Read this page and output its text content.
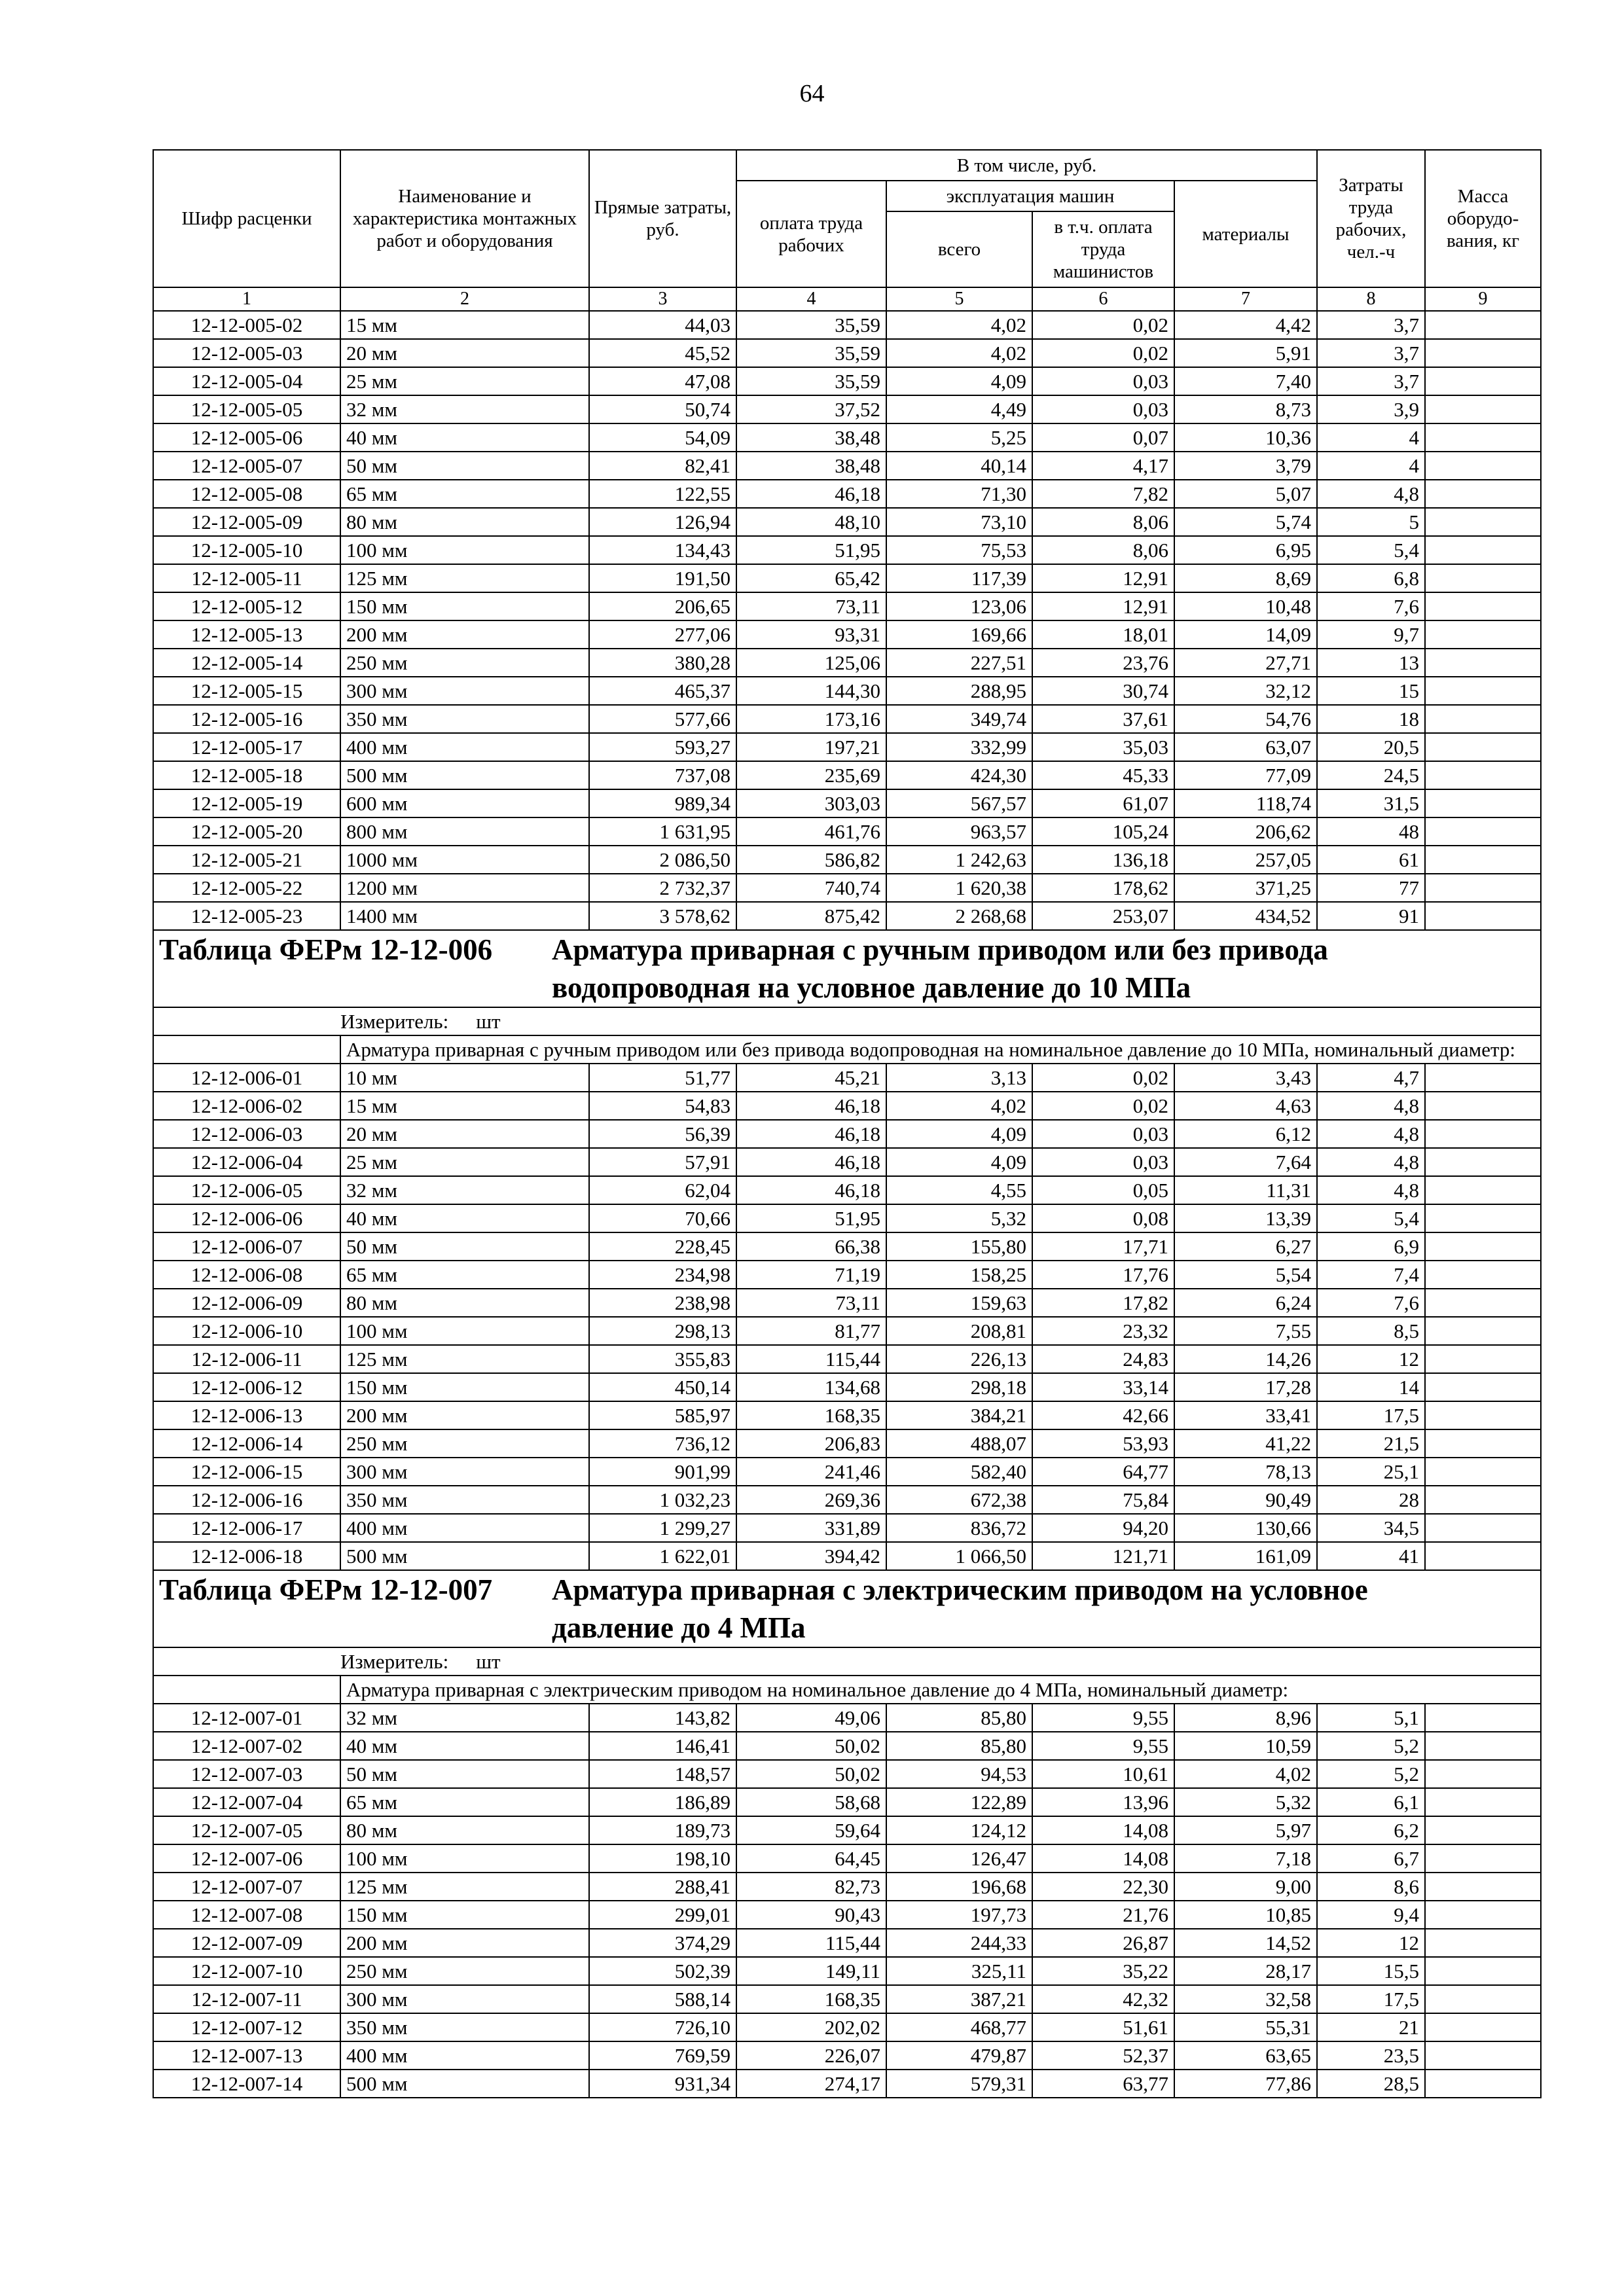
64
Шифр расценки	Наименование и характеристика монтажных работ и оборудования	Прямые затраты, руб.	В том числе, руб.				Затраты труда рабочих, чел.-ч	Масса оборудо-вания, кг
			оплата труда рабочих	эксплуатация машин		материалы		
				всего	в т.ч. оплата труда машинистов			
1	2	3	4	5	6	7	8	9
12-12-005-02	15 мм	44,03	35,59	4,02	0,02	4,42	3,7	
12-12-005-03	20 мм	45,52	35,59	4,02	0,02	5,91	3,7	
12-12-005-04	25 мм	47,08	35,59	4,09	0,03	7,40	3,7	
12-12-005-05	32 мм	50,74	37,52	4,49	0,03	8,73	3,9	
12-12-005-06	40 мм	54,09	38,48	5,25	0,07	10,36	4	
12-12-005-07	50 мм	82,41	38,48	40,14	4,17	3,79	4	
12-12-005-08	65 мм	122,55	46,18	71,30	7,82	5,07	4,8	
12-12-005-09	80 мм	126,94	48,10	73,10	8,06	5,74	5	
12-12-005-10	100 мм	134,43	51,95	75,53	8,06	6,95	5,4	
12-12-005-11	125 мм	191,50	65,42	117,39	12,91	8,69	6,8	
12-12-005-12	150 мм	206,65	73,11	123,06	12,91	10,48	7,6	
12-12-005-13	200 мм	277,06	93,31	169,66	18,01	14,09	9,7	
12-12-005-14	250 мм	380,28	125,06	227,51	23,76	27,71	13	
12-12-005-15	300 мм	465,37	144,30	288,95	30,74	32,12	15	
12-12-005-16	350 мм	577,66	173,16	349,74	37,61	54,76	18	
12-12-005-17	400 мм	593,27	197,21	332,99	35,03	63,07	20,5	
12-12-005-18	500 мм	737,08	235,69	424,30	45,33	77,09	24,5	
12-12-005-19	600 мм	989,34	303,03	567,57	61,07	118,74	31,5	
12-12-005-20	800 мм	1 631,95	461,76	963,57	105,24	206,62	48	
12-12-005-21	1000 мм	2 086,50	586,82	1 242,63	136,18	257,05	61	
12-12-005-22	1200 мм	2 732,37	740,74	1 620,38	178,62	371,25	77	
12-12-005-23	1400 мм	3 578,62	875,42	2 268,68	253,07	434,52	91	

Таблица ФЕРм 12-12-006 Арматура приварная с ручным приводом или без привода
водопроводная на условное давление до 10 МПа								

Измеритель: шт								
	Арматура приварная с ручным приводом или без привода водопроводная на номинальное давление до 10 МПа, номинальный диаметр:							
12-12-006-01	10 мм	51,77	45,21	3,13	0,02	3,43	4,7	
12-12-006-02	15 мм	54,83	46,18	4,02	0,02	4,63	4,8	
12-12-006-03	20 мм	56,39	46,18	4,09	0,03	6,12	4,8	
12-12-006-04	25 мм	57,91	46,18	4,09	0,03	7,64	4,8	
12-12-006-05	32 мм	62,04	46,18	4,55	0,05	11,31	4,8	
12-12-006-06	40 мм	70,66	51,95	5,32	0,08	13,39	5,4	
12-12-006-07	50 мм	228,45	66,38	155,80	17,71	6,27	6,9	
12-12-006-08	65 мм	234,98	71,19	158,25	17,76	5,54	7,4	
12-12-006-09	80 мм	238,98	73,11	159,63	17,82	6,24	7,6	
12-12-006-10	100 мм	298,13	81,77	208,81	23,32	7,55	8,5	
12-12-006-11	125 мм	355,83	115,44	226,13	24,83	14,26	12	
12-12-006-12	150 мм	450,14	134,68	298,18	33,14	17,28	14	
12-12-006-13	200 мм	585,97	168,35	384,21	42,66	33,41	17,5	
12-12-006-14	250 мм	736,12	206,83	488,07	53,93	41,22	21,5	
12-12-006-15	300 мм	901,99	241,46	582,40	64,77	78,13	25,1	
12-12-006-16	350 мм	1 032,23	269,36	672,38	75,84	90,49	28	
12-12-006-17	400 мм	1 299,27	331,89	836,72	94,20	130,66	34,5	
12-12-006-18	500 мм	1 622,01	394,42	1 066,50	121,71	161,09	41	

Таблица ФЕРм 12-12-007 Арматура приварная с электрическим приводом на условное
давление до 4 МПа								

Измеритель: шт								
	Арматура приварная с электрическим приводом на номинальное давление до 4 МПа, номинальный диаметр:							
12-12-007-01	32 мм	143,82	49,06	85,80	9,55	8,96	5,1	
12-12-007-02	40 мм	146,41	50,02	85,80	9,55	10,59	5,2	
12-12-007-03	50 мм	148,57	50,02	94,53	10,61	4,02	5,2	
12-12-007-04	65 мм	186,89	58,68	122,89	13,96	5,32	6,1	
12-12-007-05	80 мм	189,73	59,64	124,12	14,08	5,97	6,2	
12-12-007-06	100 мм	198,10	64,45	126,47	14,08	7,18	6,7	
12-12-007-07	125 мм	288,41	82,73	196,68	22,30	9,00	8,6	
12-12-007-08	150 мм	299,01	90,43	197,73	21,76	10,85	9,4	
12-12-007-09	200 мм	374,29	115,44	244,33	26,87	14,52	12	
12-12-007-10	250 мм	502,39	149,11	325,11	35,22	28,17	15,5	
12-12-007-11	300 мм	588,14	168,35	387,21	42,32	32,58	17,5	
12-12-007-12	350 мм	726,10	202,02	468,77	51,61	55,31	21	
12-12-007-13	400 мм	769,59	226,07	479,87	52,37	63,65	23,5	
12-12-007-14	500 мм	931,34	274,17	579,31	63,77	77,86	28,5	
